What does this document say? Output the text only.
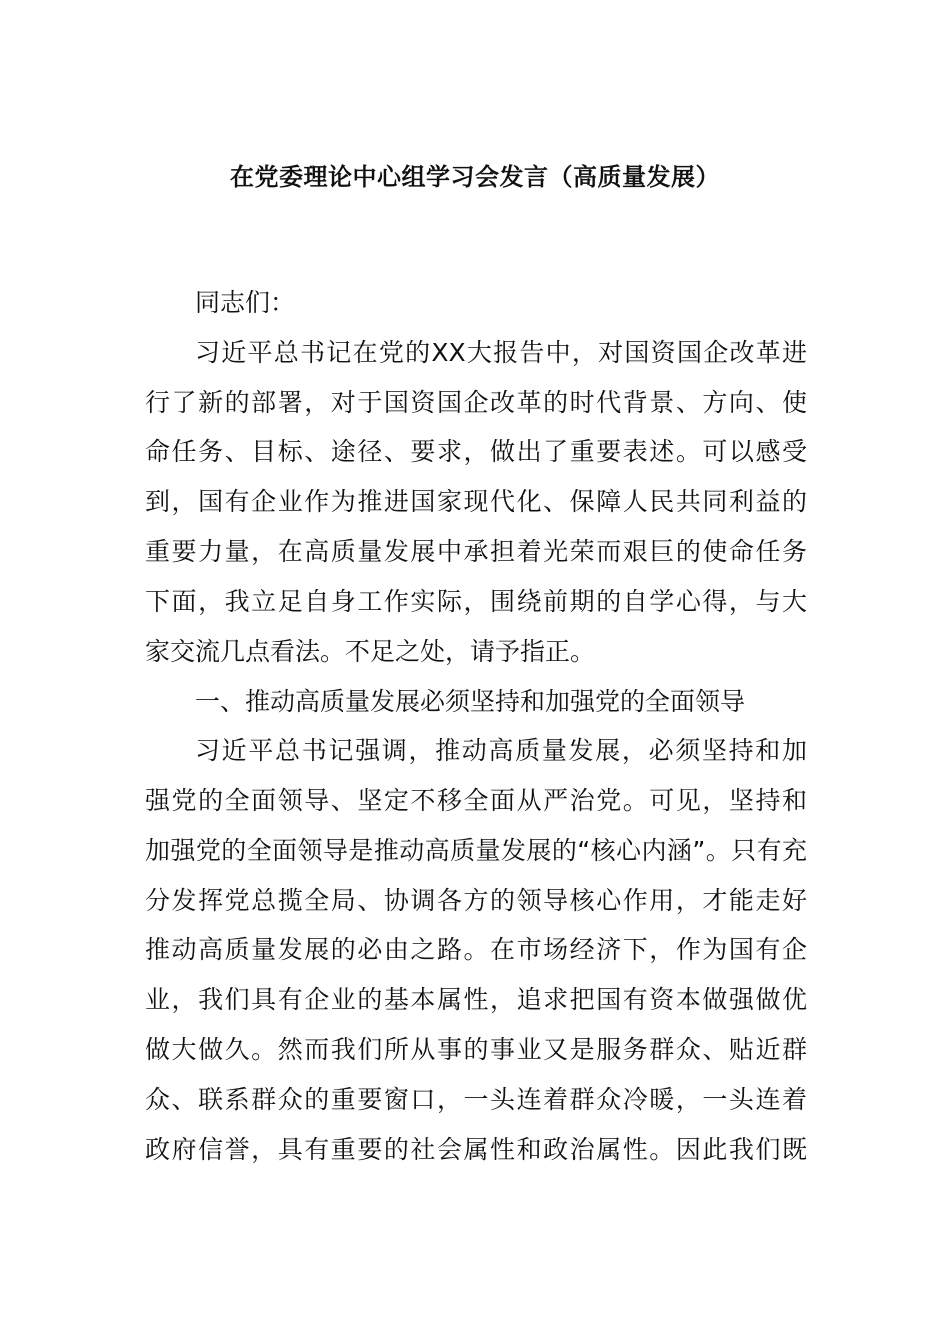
在党委理论中心组学习会发言（高质量发展）

同志们：

习近平总书记在党的XX大报告中，对国资国企改革进

行了新的部署，对于国资国企改革的时代背景、方向、使

命任务、目标、途径、要求，做出了重要表述。可以感受

到，国有企业作为推进国家现代化、保障人民共同利益的

重要力量，在高质量发展中承担着光荣而艰巨的使命任务

下面，我立足自身工作实际，围绕前期的自学心得，与大

家交流几点看法。不足之处，请予指正。

一、推动高质量发展必须坚持和加强党的全面领导

习近平总书记强调，推动高质量发展，必须坚持和加

强党的全面领导、坚定不移全面从严治党。可见，坚持和

加强党的全面领导是推动高质量发展的“核心内涵”。只有充

分发挥党总揽全局、协调各方的领导核心作用，才能走好

推动高质量发展的必由之路。在市场经济下，作为国有企

业，我们具有企业的基本属性，追求把国有资本做强做优

做大做久。然而我们所从事的事业又是服务群众、贴近群

众、联系群众的重要窗口，一头连着群众冷暖，一头连着

政府信誉，具有重要的社会属性和政治属性。因此我们既
